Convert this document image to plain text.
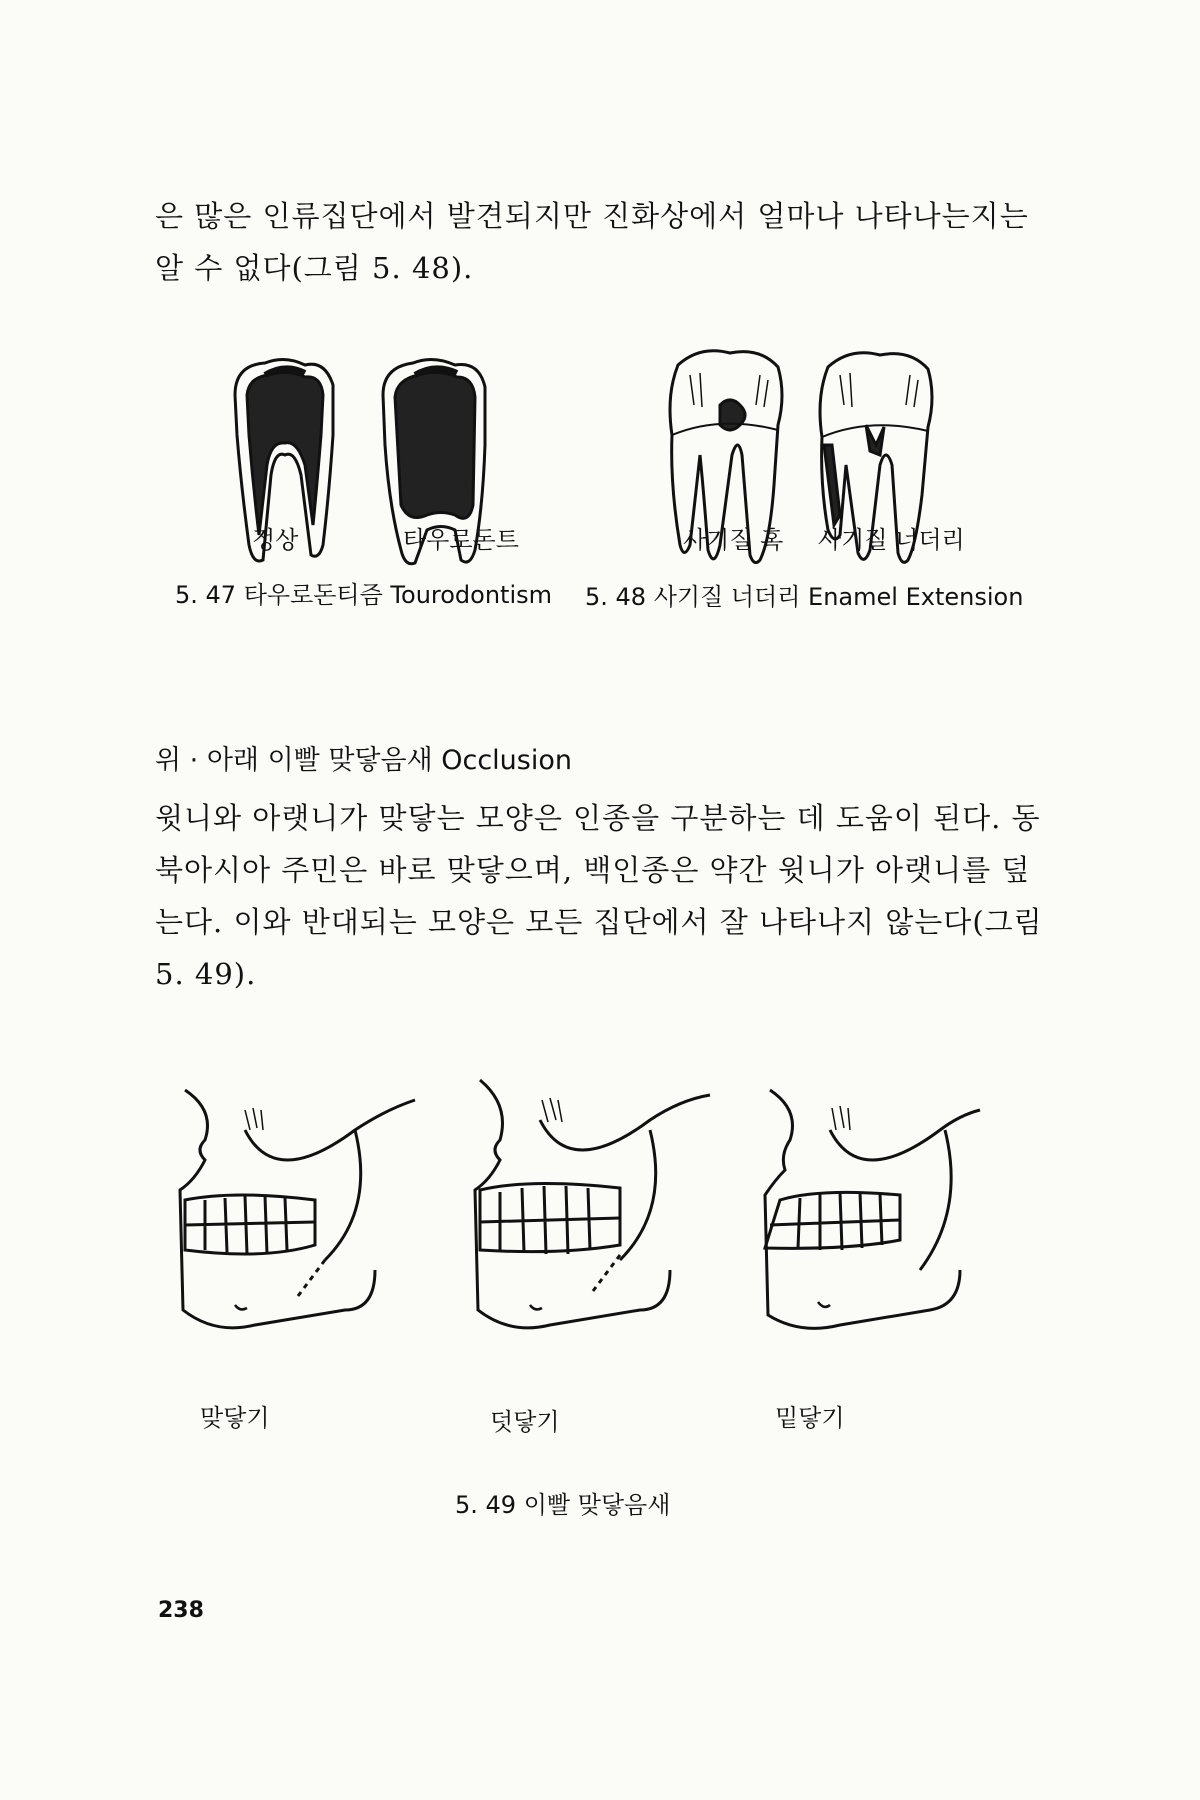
은 많은 인류집단에서 발견되지만 진화상에서 얼마나 나타나는지는 알 수 없다(그림 5. 48).

정상	타우로돈트	사기질 혹 사기질 너더리
5. 47 타우로돈티즘 Tourodontism 5. 48 사기질 너더리 Enamel Extension
위 · 아래 이빨 맞닿음새 Occlusion

윗니와 아랫니가 맞닿는 모양은 인종을 구분하는 데 도움이 된다. 동북아시아 주민은 바로 맞닿으며, 백인종은 약간 윗니가 아랫니를 덮는다. 이와 반대되는 모양은 모든 집단에서 잘 나타나지 않는다(그림 5. 49).

맞닿기	덧닿기	밑닿기
5. 49 이빨 맞닿음새
238
